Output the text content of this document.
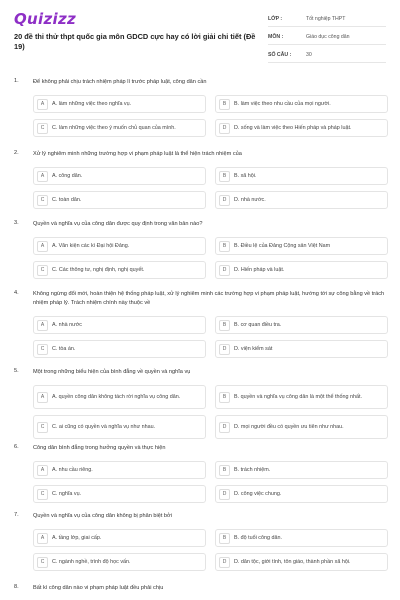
Quizizz
20 đề thi thử thpt quốc gia môn GDCD cực hay có lời giải chi tiết (Đề 19)
LỚP :	Tốt nghiệp THPT
MÔN :	Giáo dục công dân
SỐ CÂU :	30
1.	Để không phải chịu trách nhiệm pháp lí trước pháp luật, công dân cần
A	A. làm những việc theo nghĩa vụ.	B	B. làm việc theo nhu cầu của mọi người.
C	C. làm những việc theo ý muốn chủ quan của mình.	D	D. sống và làm việc theo Hiến pháp và pháp luật.
2.	Xử lý nghiêm minh những trường hợp vi phạm pháp luật là thể hiện trách nhiệm của
A	A. công dân.	B	B. xã hội.
C	C. toàn dân.	D	D. nhà nước.
3.	Quyền và nghĩa vụ của công dân được quy định trong văn bản nào?
A	A. Văn kiện các kì Đại hội Đảng.	B	B. Điều lệ của Đảng Cộng sản Việt Nam
C	C. Các thông tư, nghị định, nghị quyết.	D	D. Hiến pháp và luật.
4.	Không ngừng đổi mới, hoàn thiện hệ thống pháp luật, xử lý nghiêm minh các trường hợp vi phạm pháp luật, hướng tới sự công bằng về trách nhiệm pháp lý. Trách nhiệm chính này thuộc về
A	A. nhà nước	B	B. cơ quan điều tra.
C	C. tòa án.	D	D. viện kiểm sát
5.	Một trong những biểu hiện của bình đẳng về quyền và nghĩa vụ
A	A. quyền công dân không tách rời nghĩa vụ công dân.	B	B. quyền và nghĩa vụ công dân là một thể thống nhất.
C	C. ai cũng có quyền và nghĩa vụ như nhau.	D	D. mọi người đều có quyền ưu tiên như nhau.
6.	Công dân bình đẳng trong hưởng quyền và thực hiện
A	A. nhu cầu riêng.	B	B. trách nhiệm.
C	C. nghĩa vụ.	D	D. công việc chung.
7.	Quyền và nghĩa vụ của công dân không bị phân biệt bởi
A	A. tầng lớp, giai cấp.	B	B. độ tuổi công dân.
C	C. ngành nghề, trình độ học vấn.	D	D. dân tộc, giới tính, tôn giáo, thành phần xã hội.
8.	Bất kì công dân nào vi phạm pháp luật đều phải chịu
